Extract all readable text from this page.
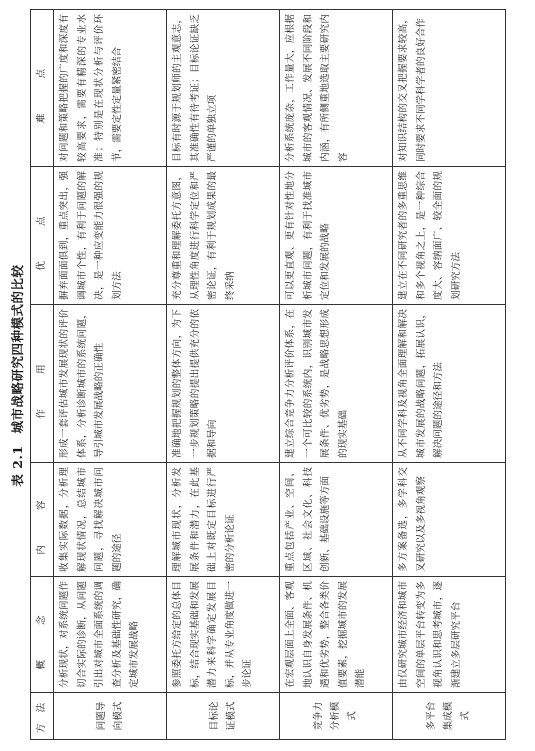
表 2.1城市战略研究四种模式的比较
方 法	概 念	内 容	作 用	优 点	难 点
问题导向模式	分析现状，对系统问题作切合实际的诊断，从问题引出对城市全面系统的调查分析及基础性研究，确定城市发展战略	收集实际数据，分析理解现状情况，总结城市问题，寻找解决城市问题的途径	形成一套评估城市发展现状的评价体系，分析诊断城市的系统问题，导引城市发展战略的正确性	摒弃面面俱到，重点突出，强调城市个性，有利于问题的解决，是一种应变能力很强的规划方法	对问题和策略把握的广度和深度有较高要求，需要有精深的专业水准；特别是在现状分析与评价环节，需要定性定量紧密结合
目标论证模式	参照委托方给定的总体目标，结合现实基础和发展潜力来科学确定发展目标，并从专业角度做进一步论证	理解城市现状，分析发展条件和潜力，在此基础上对既定目标进行严密的分析论证	准确地把握规划的整体方向，为下一步规划策略的提出提供充分的依据和导向	充分尊重和理解委托方意图，从理性角度进行科学定位和严密论证，有利于规划成果的最终采纳	目标有时源于规划师的主观意志，其准确性有待考证；目标论证缺乏严谨的单独立项
竞争力分析模式	在宏观层面上全面、客观地认识自身发展条件、机遇和优劣势，整合各类价值要素，挖掘城市的发展潜能	重点包括产业、空间、区域、社会文化、科技创新、基础设施等方面	建立综合竞争力分析评价体系，在一个可比较的系统内，识别城市发展条件、优劣势，是战略思想形成的现实基础	可以更直观、更有针对性地分析城市问题，有利于找准城市定位和发展的战略	分析系统庞杂，工作量大，应根据城市的客观情况、发展不同阶段和内涵，有所侧重地选取主要研究内容
多平台集成模式	由仅研究城市经济和城市空间的单层平台转变为多视角认识和思考城市，逐渐建立多层研究平台	多方案备选，多学科交叉研究以及多视角观察	从不同学科及视角全面理解和解决城市发展的战略问题，拓展认识，解决问题的途径和方法	建立在不同研究者的多重思维和多个视角之上，是一种综合度大、容纳面广、较全面的规划研究方法	对知识结构的交叉把握要求较高，同时要求不同学科学者的良好合作
